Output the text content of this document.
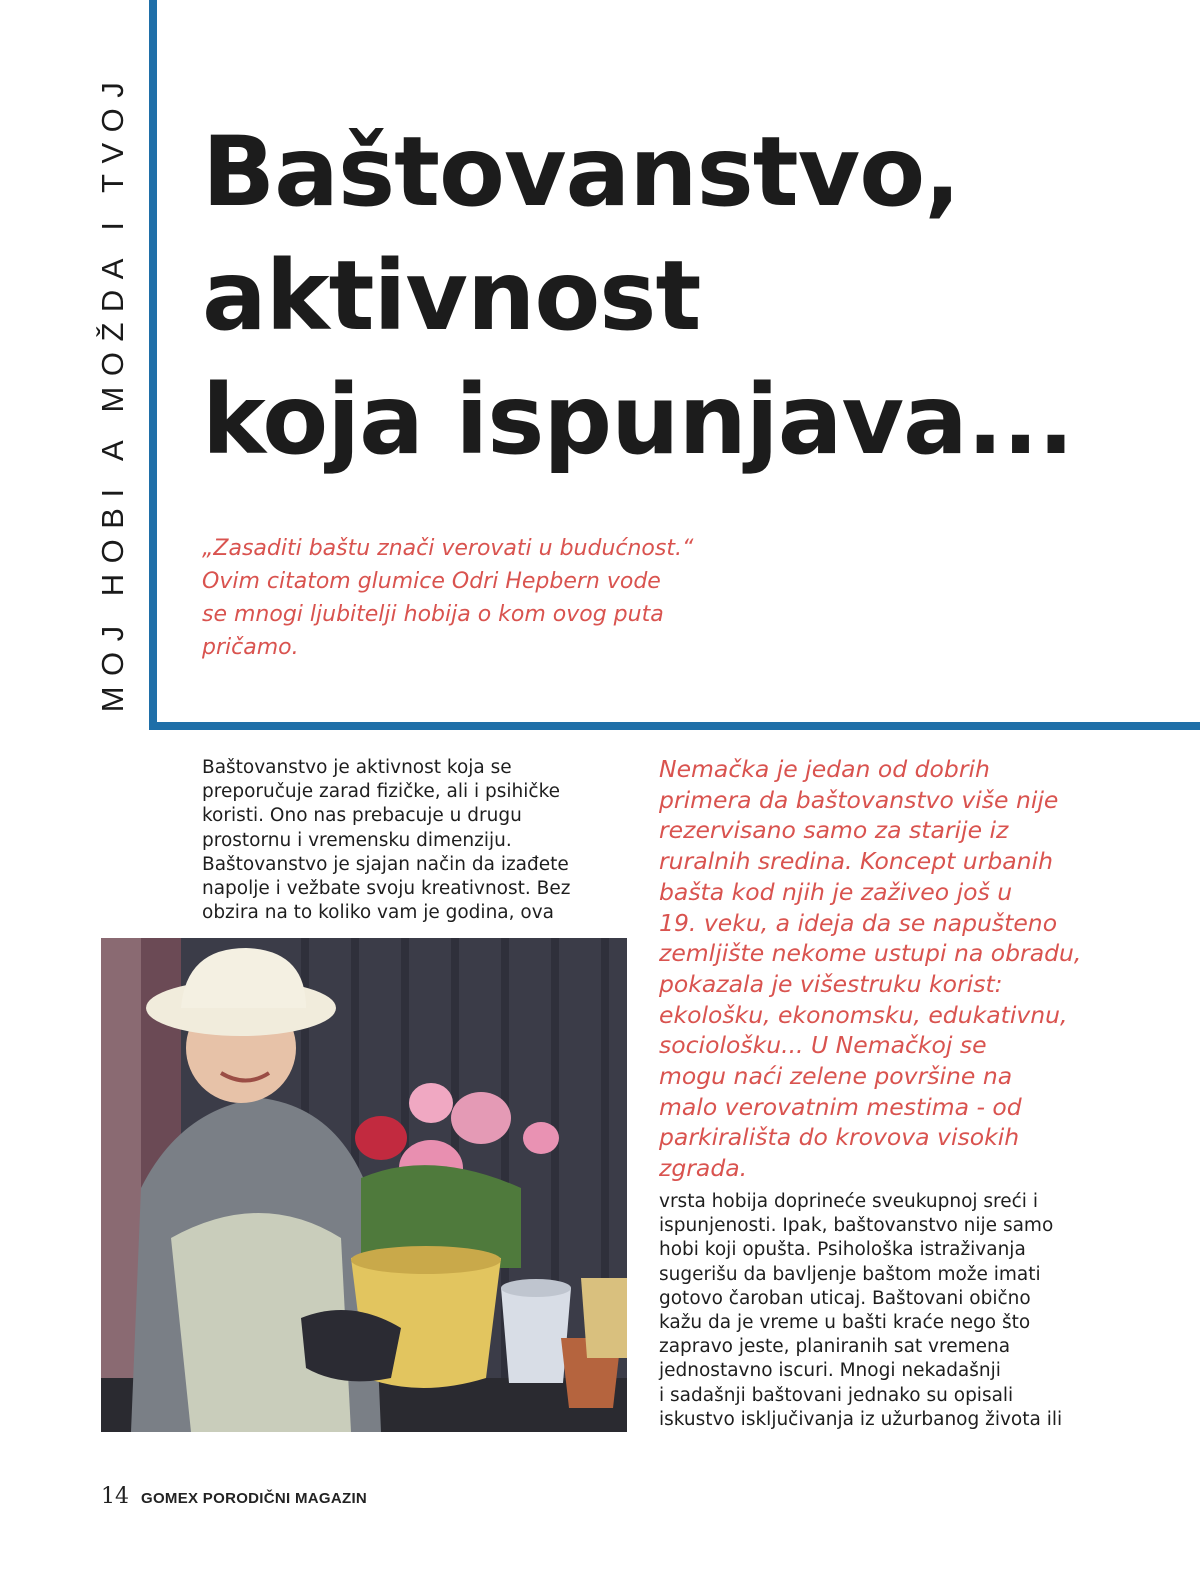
MOJ HOBI A MOŽDA I TVOJ Baštovanstvo,
aktivnost
koja ispunjava...

„Zasaditi baštu znači verovati u budućnost.“
Ovim citatom glumice Odri Hepbern vode
se mnogi ljubitelji hobija o kom ovog puta
pričamo.

Baštovanstvo je aktivnost koja se
preporučuje zarad fizičke, ali i psihičke
koristi. Ono nas prebacuje u drugu
prostornu i vremensku dimenziju.
Baštovanstvo je sjajan način da izađete
napolje i vežbate svoju kreativnost. Bez
obzira na to koliko vam je godina, ova

Nemačka je jedan od dobrih
primera da baštovanstvo više nije
rezervisano samo za starije iz
ruralnih sredina. Koncept urbanih
bašta kod njih je zaživeo još u
19. veku, a ideja da se napušteno
zemljište nekome ustupi na obradu,
pokazala je višestruku korist:
ekološku, ekonomsku, edukativnu,
sociološku... U Nemačkoj se
mogu naći zelene površine na
malo verovatnim mestima - od
parkirališta do krovova visokih
zgrada.

vrsta hobija doprineće sveukupnoj sreći i
ispunjenosti. Ipak, baštovanstvo nije samo
hobi koji opušta. Psihološka istraživanja
sugerišu da bavljenje baštom može imati
gotovo čaroban uticaj. Baštovani obično
kažu da je vreme u bašti kraće nego što
zapravo jeste, planiranih sat vremena
jednostavno iscuri. Mnogi nekadašnji
i sadašnji baštovani jednako su opisali
iskustvo isključivanja iz užurbanog života ili

14 GOMEX PORODIČNI MAGAZIN
